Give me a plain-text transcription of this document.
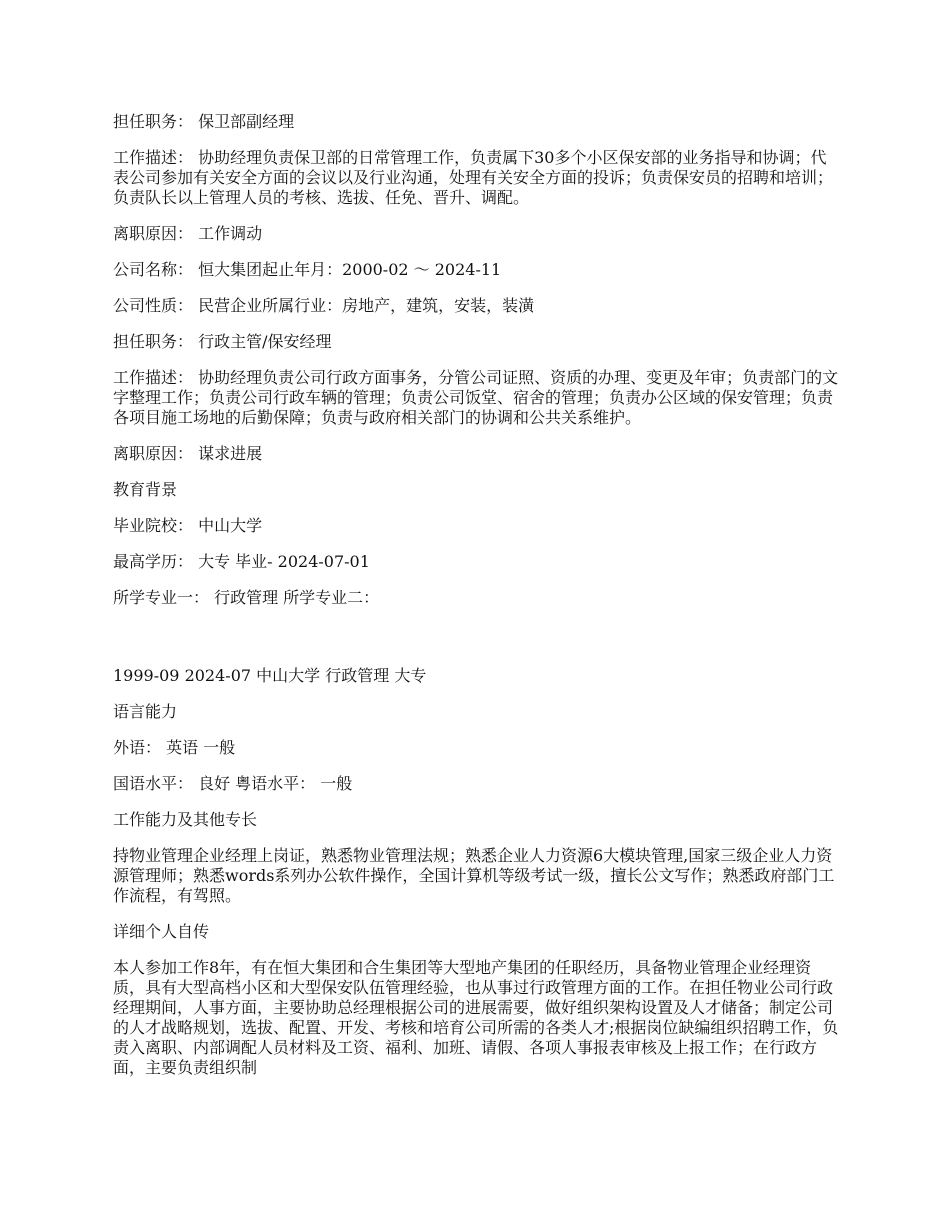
担任职务： 保卫部副经理

工作描述： 协助经理负责保卫部的日常管理工作，负责属下30多个小区保安部的业务指导和协调；代表公司参加有关安全方面的会议以及行业沟通，处理有关安全方面的投诉；负责保安员的招聘和培训；负责队长以上管理人员的考核、选拔、任免、晋升、调配。

离职原因： 工作调动

公司名称： 恒大集团起止年月：2000-02 ～ 2024-11

公司性质： 民营企业所属行业：房地产，建筑，安装，装潢

担任职务： 行政主管/保安经理

工作描述： 协助经理负责公司行政方面事务，分管公司证照、资质的办理、变更及年审；负责部门的文字整理工作；负责公司行政车辆的管理；负责公司饭堂、宿舍的管理；负责办公区域的保安管理；负责各项目施工场地的后勤保障；负责与政府相关部门的协调和公共关系维护。

离职原因： 谋求进展

教育背景

毕业院校： 中山大学

最高学历： 大专 毕业- 2024-07-01

所学专业一： 行政管理 所学专业二：

1999-09 2024-07 中山大学 行政管理 大专

语言能力

外语： 英语 一般

国语水平： 良好 粤语水平： 一般

工作能力及其他专长

持物业管理企业经理上岗证，熟悉物业管理法规；熟悉企业人力资源6大模块管理,国家三级企业人力资源管理师；熟悉words系列办公软件操作，全国计算机等级考试一级，擅长公文写作；熟悉政府部门工作流程，有驾照。

详细个人自传

本人参加工作8年，有在恒大集团和合生集团等大型地产集团的任职经历，具备物业管理企业经理资质，具有大型高档小区和大型保安队伍管理经验，也从事过行政管理方面的工作。在担任物业公司行政经理期间，人事方面，主要协助总经理根据公司的进展需要，做好组织架构设置及人才储备；制定公司的人才战略规划，选拔、配置、开发、考核和培育公司所需的各类人才;根据岗位缺编组织招聘工作，负责入离职、内部调配人员材料及工资、福利、加班、请假、各项人事报表审核及上报工作；在行政方面，主要负责组织制
